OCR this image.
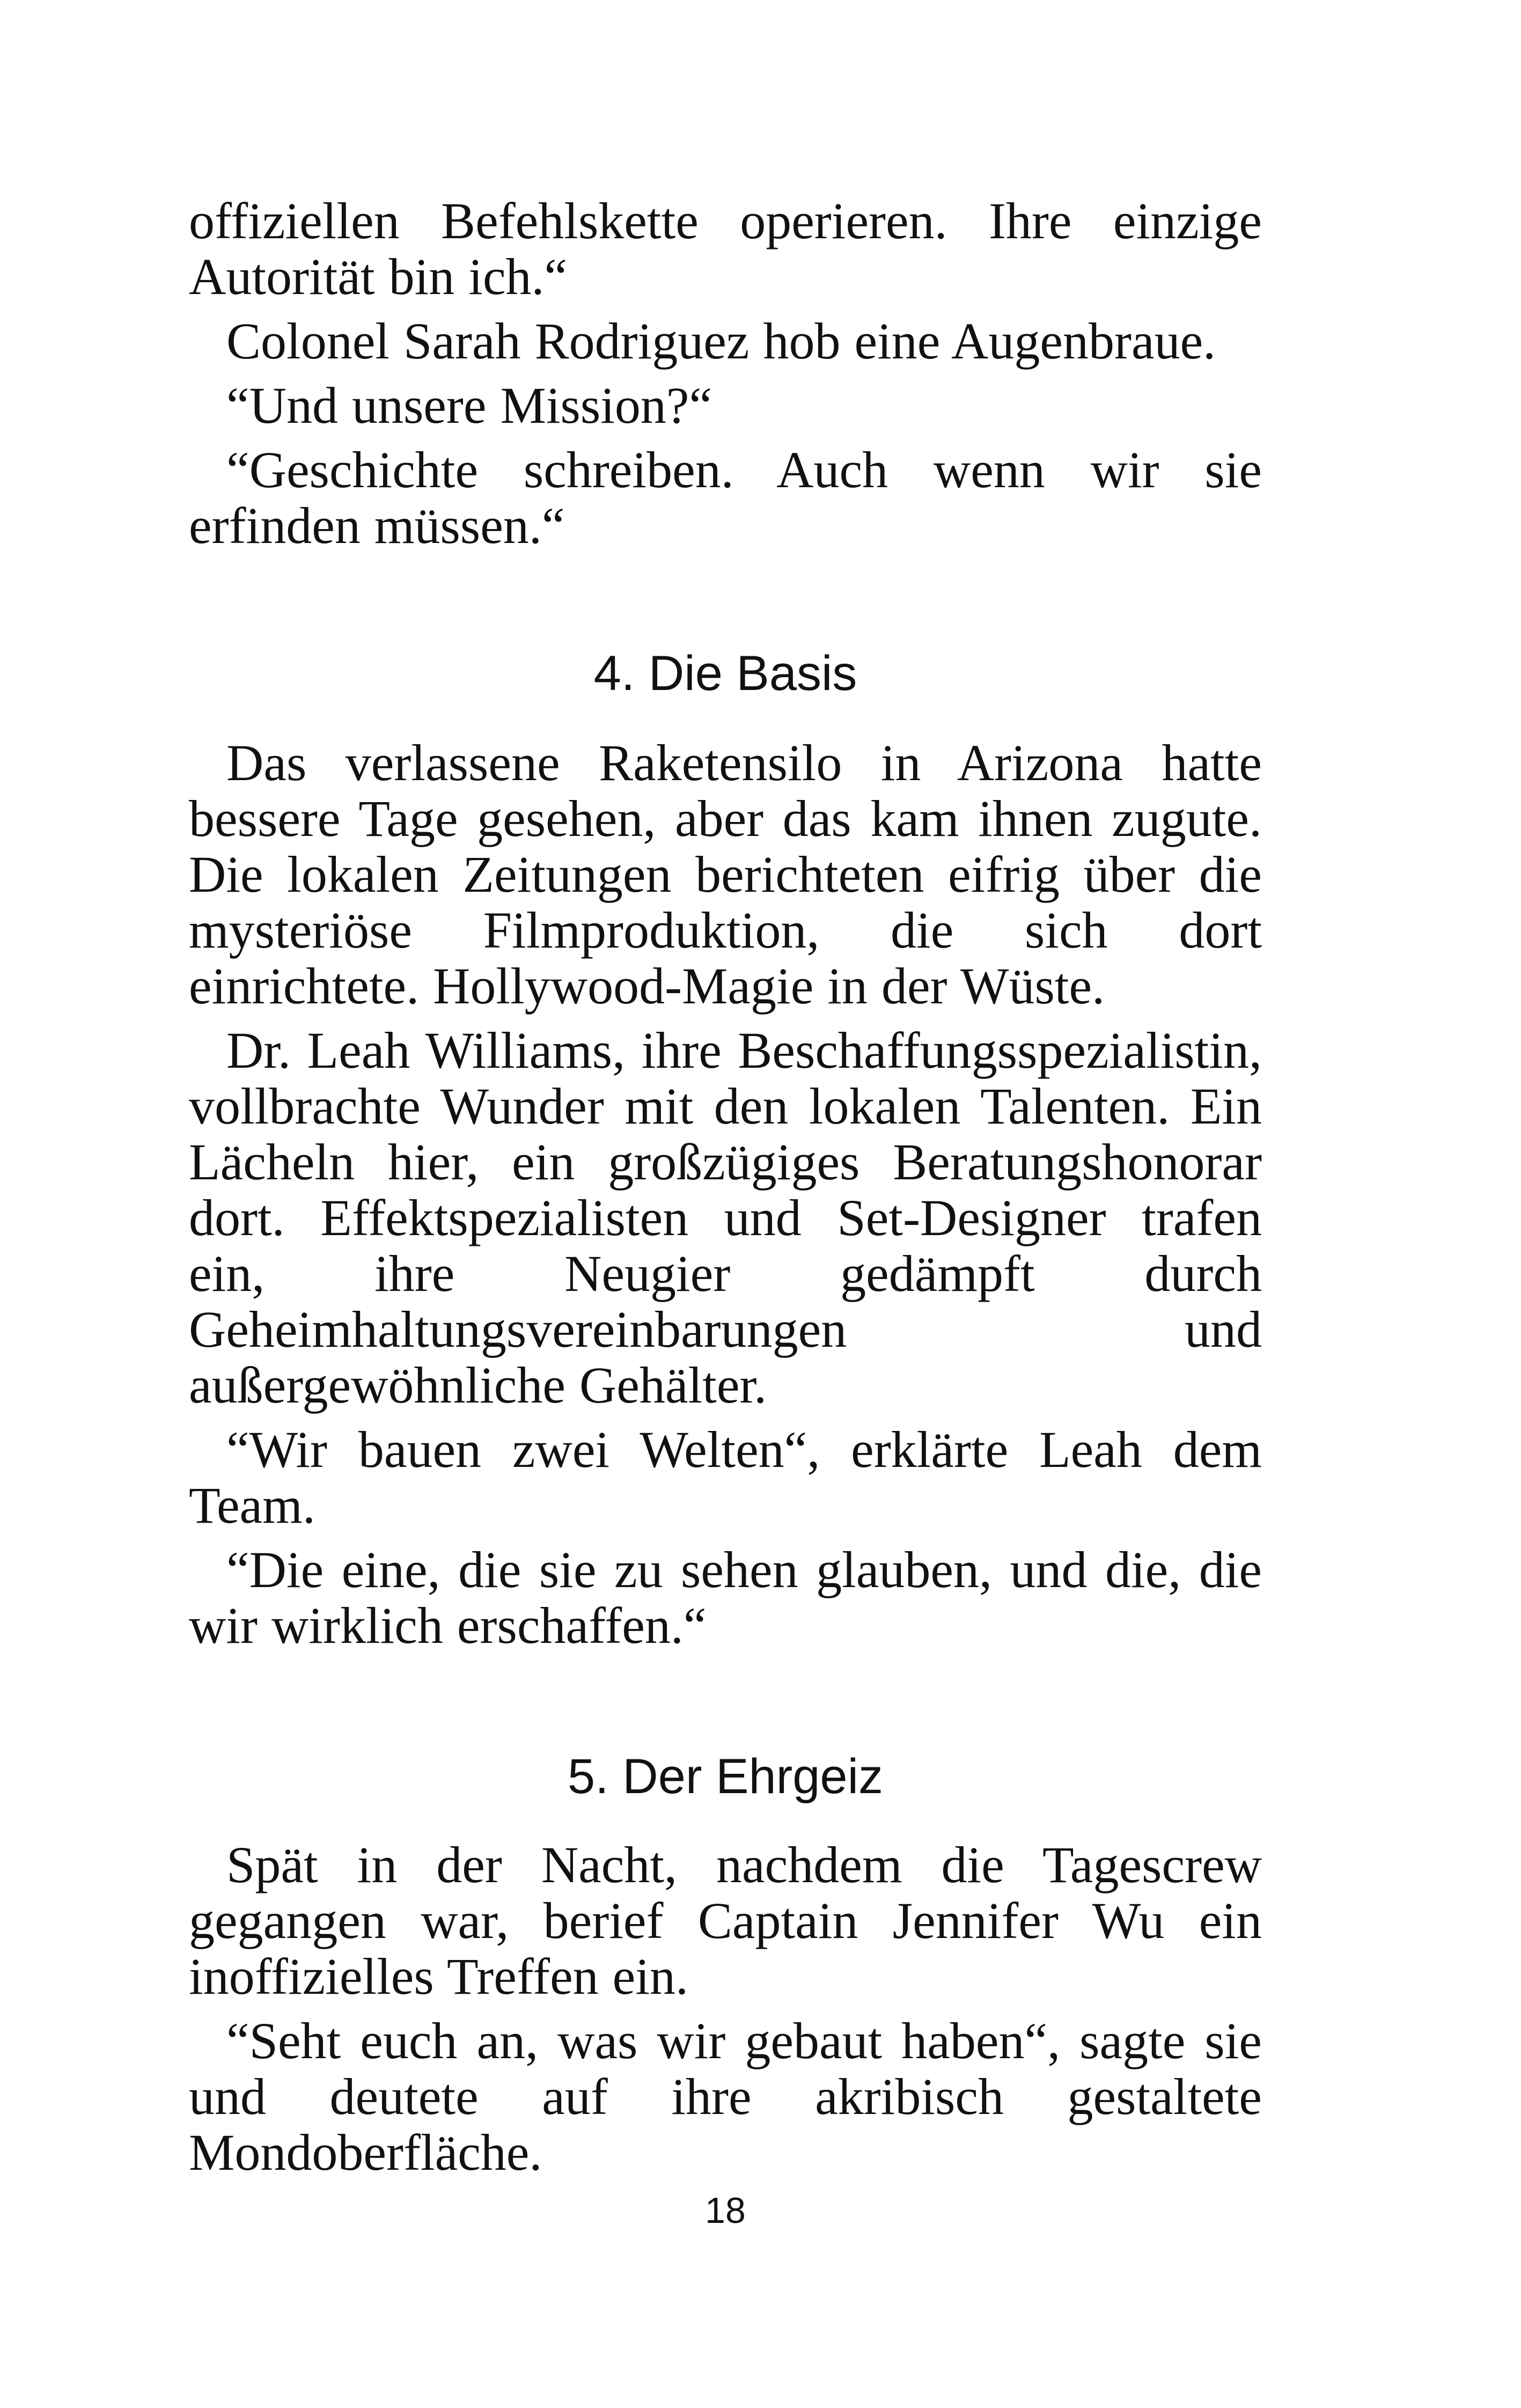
offiziellen Befehlskette operieren. Ihre einzige Autorität bin ich.“

Colonel Sarah Rodriguez hob eine Augenbraue.

“Und unsere Mission?“

“Geschichte schreiben. Auch wenn wir sie erfinden müssen.“

4. Die Basis

Das verlassene Raketensilo in Arizona hatte bessere Tage gesehen, aber das kam ihnen zugute. Die lokalen Zeitungen berichteten eifrig über die mysteriöse Filmproduktion, die sich dort einrichtete. Hollywood-Magie in der Wüste.

Dr. Leah Williams, ihre Beschaffungsspezialistin, vollbrachte Wunder mit den lokalen Talenten. Ein Lächeln hier, ein großzügiges Beratungshonorar dort. Effektspezialisten und Set-Designer trafen ein, ihre Neugier gedämpft durch Geheimhaltungsvereinbarungen und außergewöhnliche Gehälter.

“Wir bauen zwei Welten“, erklärte Leah dem Team.

“Die eine, die sie zu sehen glauben, und die, die wir wirklich erschaffen.“

5. Der Ehrgeiz

Spät in der Nacht, nachdem die Tagescrew gegangen war, berief Captain Jennifer Wu ein inoffizielles Treffen ein.

“Seht euch an, was wir gebaut haben“, sagte sie und deutete auf ihre akribisch gestaltete Mondoberfläche.

18
